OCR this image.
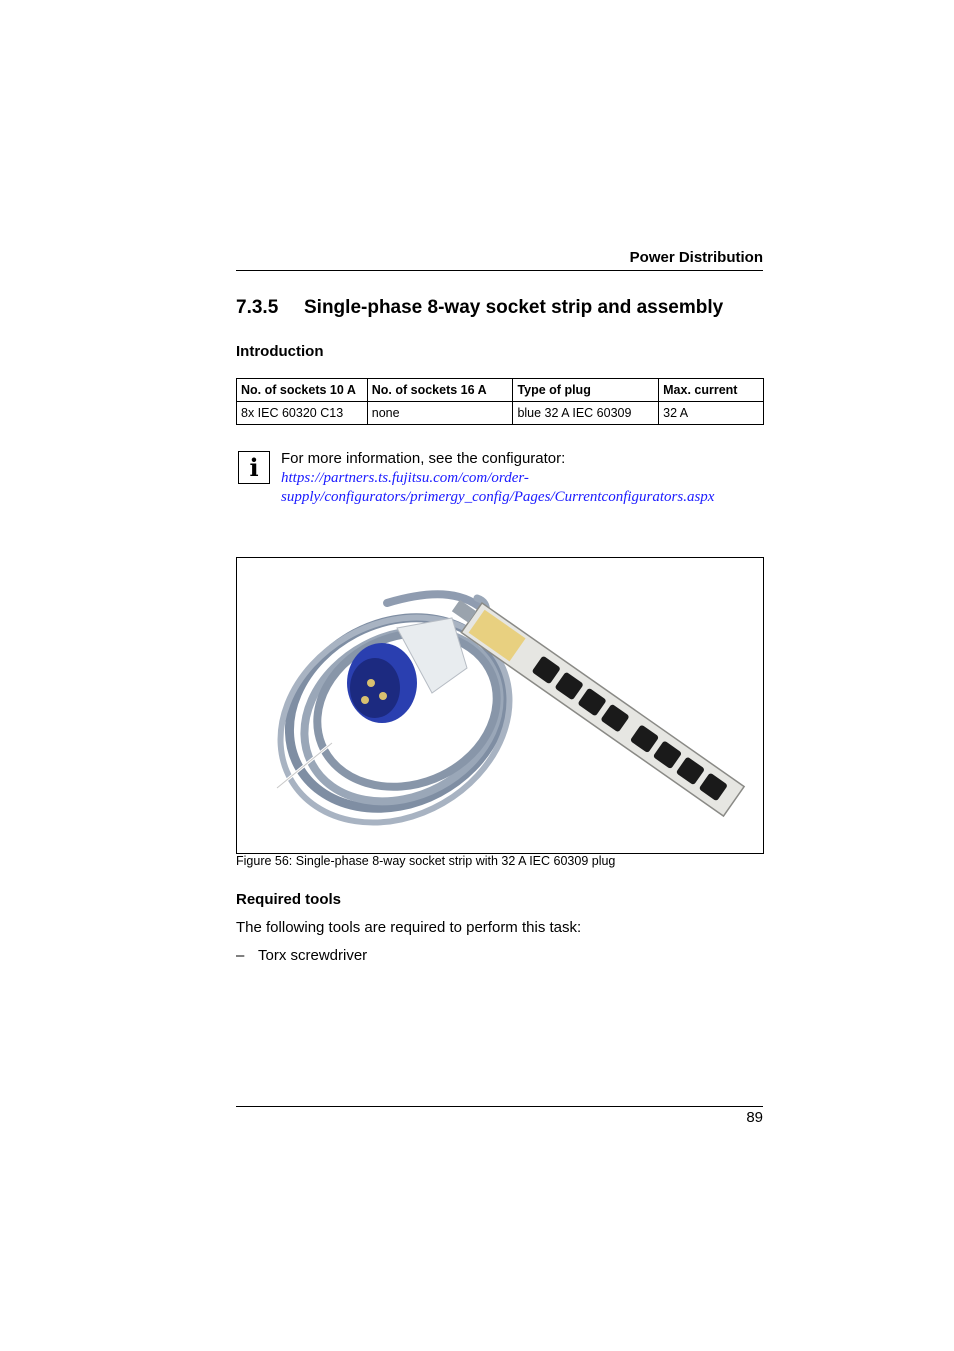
Power Distribution
7.3.5 Single-phase 8-way socket strip and assembly
Introduction
No. of sockets 10 A	No. of sockets 16 A	Type of plug	Max. current
8x IEC 60320 C13	none	blue 32 A IEC 60309	32 A
i	For more information, see the configurator:
https://partners.ts.fujitsu.com/com/order-
supply/configurators/primergy_config/Pages/Currentconfigurators.aspx
Figure 56: Single-phase 8-way socket strip with 32 A IEC 60309 plug
Required tools
The following tools are required to perform this task:
– Torx screwdriver
89
